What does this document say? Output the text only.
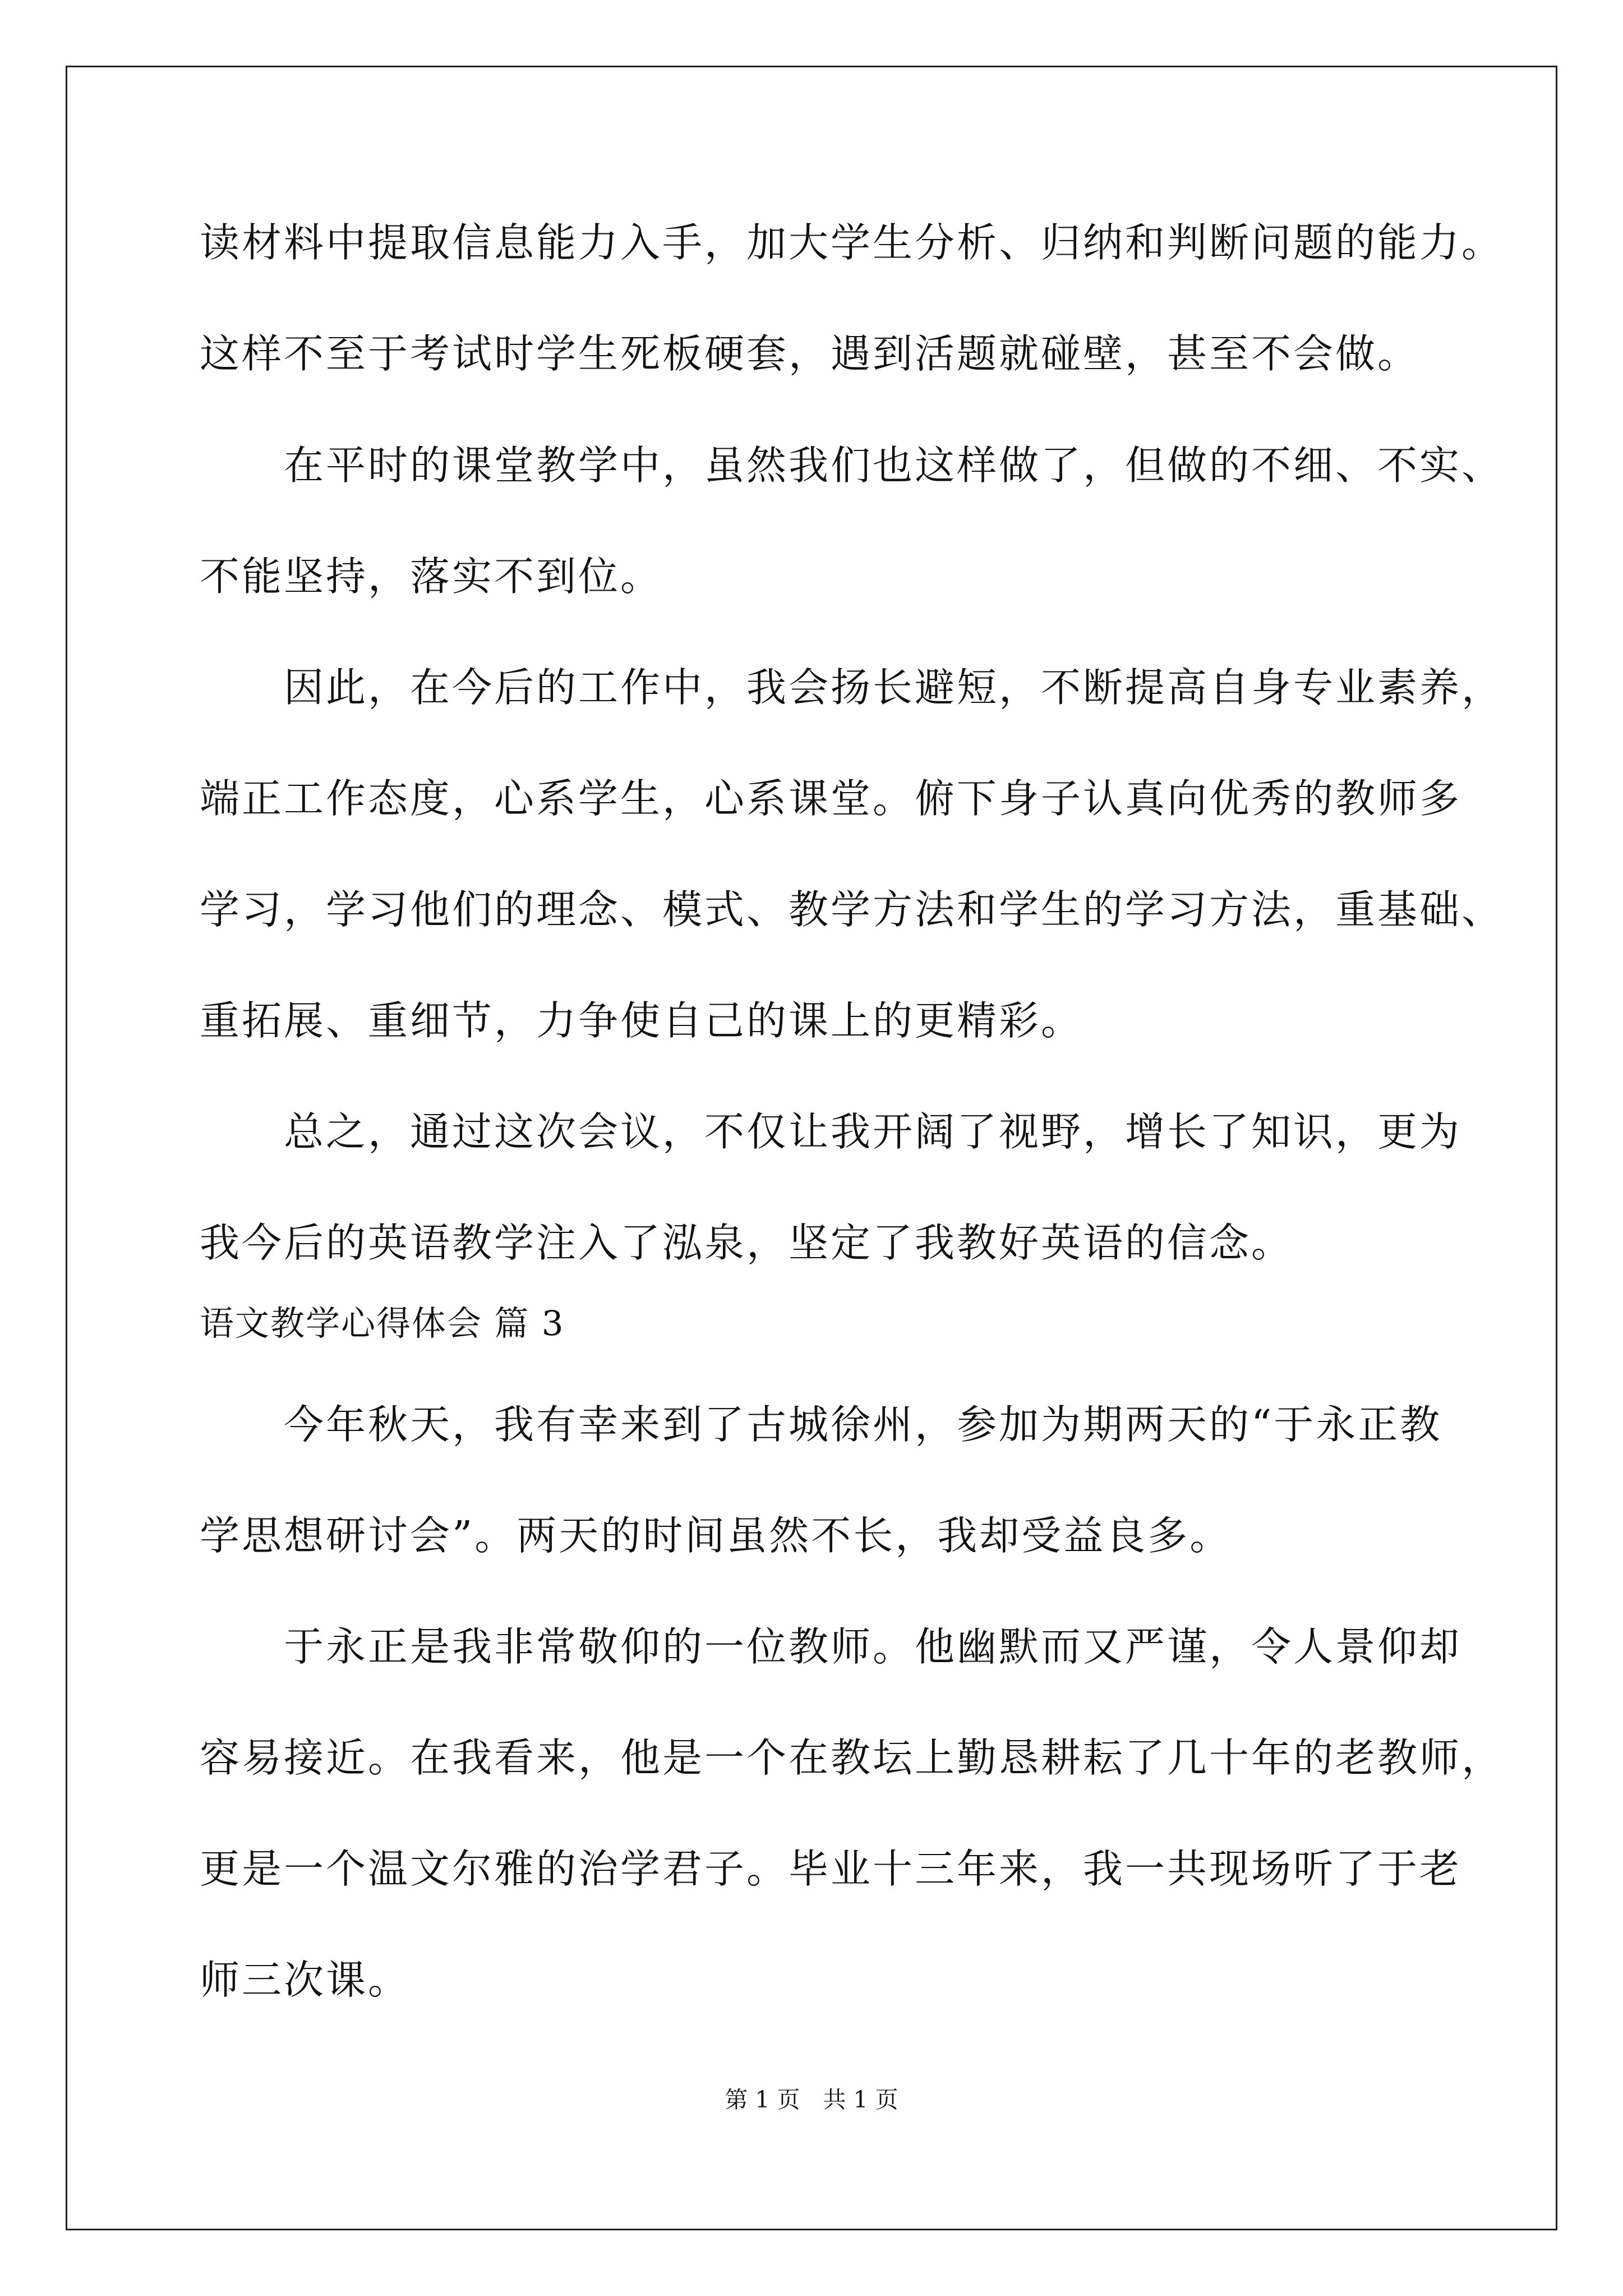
读材料中提取信息能力入手，加大学生分析、归纳和判断问题的能力。
这样不至于考试时学生死板硬套，遇到活题就碰壁，甚至不会做。
　　在平时的课堂教学中，虽然我们也这样做了，但做的不细、不实、
不能坚持，落实不到位。
　　因此，在今后的工作中，我会扬长避短，不断提高自身专业素养，
端正工作态度，心系学生，心系课堂。俯下身子认真向优秀的教师多
学习，学习他们的理念、模式、教学方法和学生的学习方法，重基础、
重拓展、重细节，力争使自己的课上的更精彩。
　　总之，通过这次会议，不仅让我开阔了视野，增长了知识，更为
我今后的英语教学注入了泓泉，坚定了我教好英语的信念。
语文教学心得体会 篇 3
　　今年秋天，我有幸来到了古城徐州，参加为期两天的“于永正教
学思想研讨会”。两天的时间虽然不长，我却受益良多。
　　于永正是我非常敬仰的一位教师。他幽默而又严谨，令人景仰却
容易接近。在我看来，他是一个在教坛上勤恳耕耘了几十年的老教师，
更是一个温文尔雅的治学君子。毕业十三年来，我一共现场听了于老
师三次课。
第 1 页　共 1 页
